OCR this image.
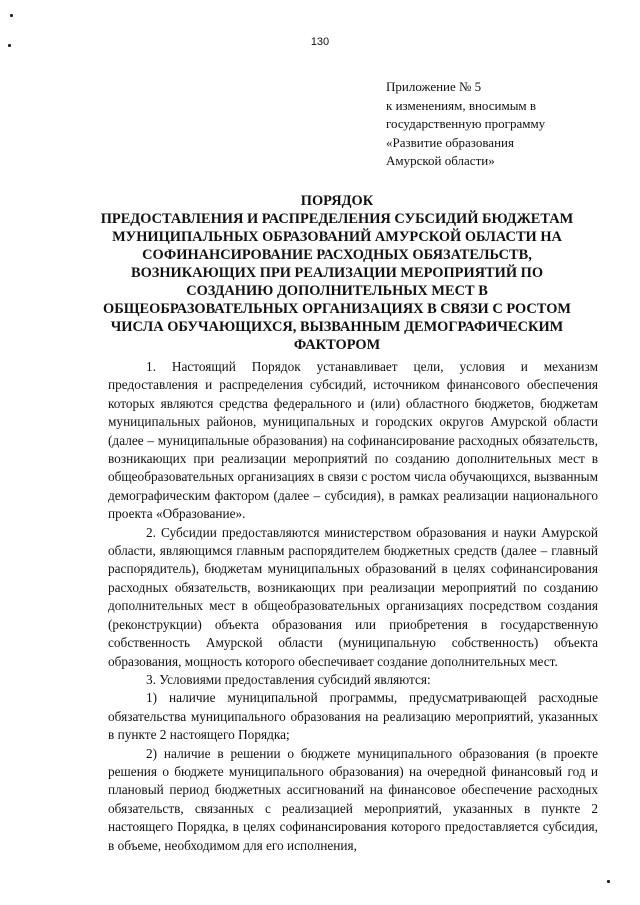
130
Приложение № 5
к изменениям, вносимым в
государственную программу
«Развитие образования
Амурской области»
ПОРЯДОК
ПРЕДОСТАВЛЕНИЯ И РАСПРЕДЕЛЕНИЯ СУБСИДИЙ БЮДЖЕТАМ
МУНИЦИПАЛЬНЫХ ОБРАЗОВАНИЙ АМУРСКОЙ ОБЛАСТИ НА
СОФИНАНСИРОВАНИЕ РАСХОДНЫХ ОБЯЗАТЕЛЬСТВ,
ВОЗНИКАЮЩИХ ПРИ РЕАЛИЗАЦИИ МЕРОПРИЯТИЙ ПО
СОЗДАНИЮ ДОПОЛНИТЕЛЬНЫХ МЕСТ В
ОБЩЕОБРАЗОВАТЕЛЬНЫХ ОРГАНИЗАЦИЯХ В СВЯЗИ С РОСТОМ
ЧИСЛА ОБУЧАЮЩИХСЯ, ВЫЗВАННЫМ ДЕМОГРАФИЧЕСКИМ
ФАКТОРОМ

1. Настоящий Порядок устанавливает цели, условия и механизм предоставления и распределения субсидий, источником финансового обеспечения которых являются средства федерального и (или) областного бюджетов, бюджетам муниципальных районов, муниципальных и городских округов Амурской области (далее – муниципальные образования) на софинансирование расходных обязательств, возникающих при реализации мероприятий по созданию дополнительных мест в общеобразовательных организациях в связи с ростом числа обучающихся, вызванным демографическим фактором (далее – субсидия), в рамках реализации национального проекта «Образование».

2. Субсидии предоставляются министерством образования и науки Амурской области, являющимся главным распорядителем бюджетных средств (далее – главный распорядитель), бюджетам муниципальных образований в целях софинансирования расходных обязательств, возникающих при реализации мероприятий по созданию дополнительных мест в общеобразовательных организациях посредством создания (реконструкции) объекта образования или приобретения в государственную собственность Амурской области (муниципальную собственность) объекта образования, мощность которого обеспечивает создание дополнительных мест.

3. Условиями предоставления субсидий являются:

1) наличие муниципальной программы, предусматривающей расходные обязательства муниципального образования на реализацию мероприятий, указанных в пункте 2 настоящего Порядка;

2) наличие в решении о бюджете муниципального образования (в проекте решения о бюджете муниципального образования) на очередной финансовый год и плановый период бюджетных ассигнований на финансовое обеспечение расходных обязательств, связанных с реализацией мероприятий, указанных в пункте 2 настоящего Порядка, в целях софинансирования которого предоставляется субсидия, в объеме, необходимом для его исполнения,
